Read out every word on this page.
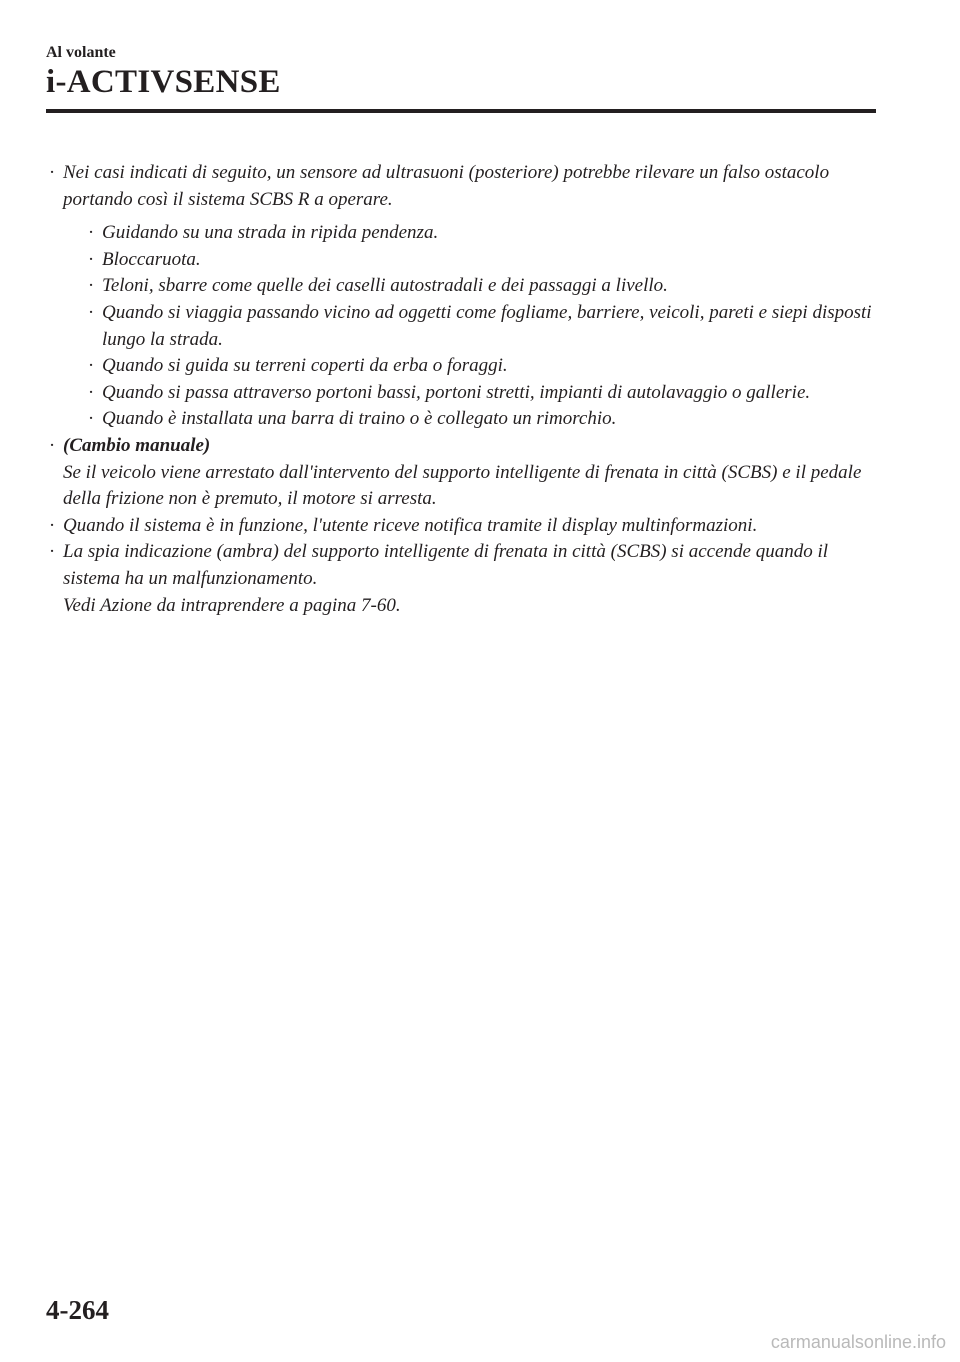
Al volante
i-ACTIVSENSE
· Nei casi indicati di seguito, un sensore ad ultrasuoni (posteriore) potrebbe rilevare un falso ostacolo portando così il sistema SCBS R a operare.
· Guidando su una strada in ripida pendenza.
· Bloccaruota.
· Teloni, sbarre come quelle dei caselli autostradali e dei passaggi a livello.
· Quando si viaggia passando vicino ad oggetti come fogliame, barriere, veicoli, pareti e siepi disposti lungo la strada.
· Quando si guida su terreni coperti da erba o foraggi.
· Quando si passa attraverso portoni bassi, portoni stretti, impianti di autolavaggio o gallerie.
· Quando è installata una barra di traino o è collegato un rimorchio.
· (Cambio manuale)
Se il veicolo viene arrestato dall'intervento del supporto intelligente di frenata in città (SCBS) e il pedale della frizione non è premuto, il motore si arresta.
· Quando il sistema è in funzione, l'utente riceve notifica tramite il display multinformazioni.
· La spia indicazione (ambra) del supporto intelligente di frenata in città (SCBS) si accende quando il sistema ha un malfunzionamento.
Vedi Azione da intraprendere a pagina 7-60.
4-264
carmanualsonline.info
